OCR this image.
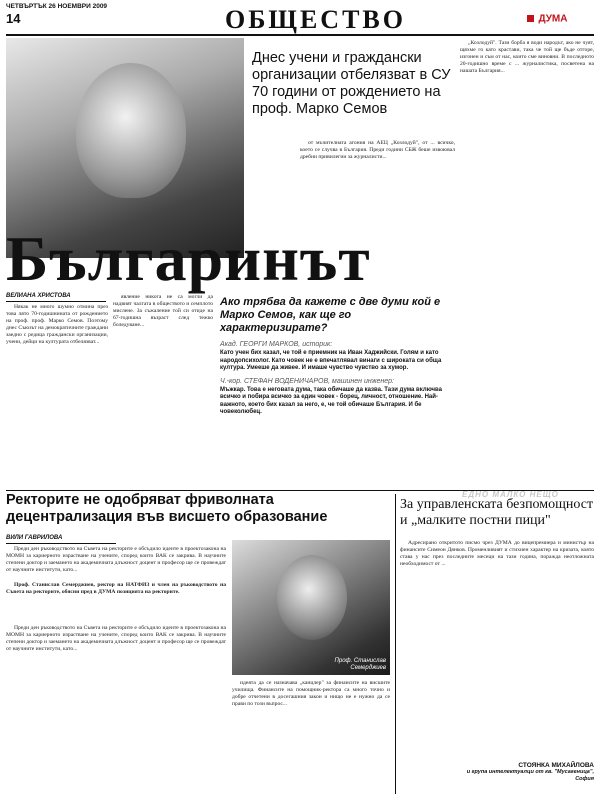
ЧЕТВЪРТЪК 26 НОЕМВРИ 2009
14	ОБЩЕСТВО	ДУМА
Днес учени и граждански организации отбелязват в СУ 70 години от рождението на проф. Марко Семов

„Козлодуй". Тази борба я води народът, ако не чуят, щяхме го като крастави, така че той ще бъде отгоре, изгонен и съм от нас, които сме виновни. В последното 20-годишно време с ... журналистика, посветена на нашата България...

от мъчителната агония на АЕЦ „Козлодуй", от ... всичко, което се случва в България. Преди години СБЖ беше извоювал дребни привилегии за журналисти...

Българинът
ВЕЛИАНА ХРИСТОВА

Някак не много шумно отмина през това лято 70-годишнината от рождението на проф. проф. Марко Семов. Поэтому днес Съюзът на демократичните граждани заедно с редица граждански организации, учени, дейци на културата отбелязват...

явление никога не са могли да надвият чалгата в обществото и семплото мислене. За съжаление той си отиде на 67-годишна възраст след тежко боледуване...

Ако трябва да кажете с две думи кой е Марко Семов, как ще го характеризирате?
Акад. ГЕОРГИ МАРКОВ, историк:
Като учен бих казал, че той е приемник на Иван Хаджийски. Голям и като народопсихолог. Като човек не е впечатлявал винаги с широката си обща култура. Умееше да живее. И имаше чувство чувство за хумор.
Ч.-кор. СТЕФАН ВОДЕНИЧАРОВ, машинен инженер:
Мъжкар. Това е неговата дума, така обичаше да казва. Тази дума включва всичко и побира всичко за един човек - борец, личност, отношение. Най-важното, което бих казал за него, е, че той обичаше България. И бе човеколюбец.
Ректорите не одобряват фриволната децентрализация във висшето образование
ЕДНО МАЛКО НЕЩО
ВИЛИ ГАВРИЛОВА

Преди ден ръководството на Съвета на ректорите е обсъдило идеите в проектозакона на МОМН за кариерното израстване на учените, според които ВАК се закрива. В научните степени доктор и заемането на академичната длъжност доцент и професор ще се провеждат от научните институти, като...

Проф. Станислав Семерджиев, ректор на НАТФИЗ и член на ръководството на Съвета на ректорите, обясни пред в ДУМА позицията на ректорите.

Проф. Станислав Семерджиев

Преди ден ръководството на Съвета на ректорите е обсъдило идеите в проектозакона на МОМН за кариерното израстване на учените, според които ВАК се закрива. В научните степени доктор и заемането на академичната длъжност доцент и професор ще се провеждат от научните институти, като...

идеята да се назначава „канцлер" за финансите на висшите училища. Финансите на помощник-ректора са много точно и добре отчетени в досегашния закон и нищо не е нужно да се прави по този въпрос...

За управленската безпомощност и „малките постни пици"

Адресирано откритото писмо чрез ДУМА до вицепремиера и министър на финансите Симеон Дянков. Променливият и стихиен характер на кризата, която става у нас през последните месеци на тази година, поражда неотложната необходимост от ...

СТОЯНКА МИХАЙЛОВА
и група интелектуалци от кв. "Мусагеница", София
